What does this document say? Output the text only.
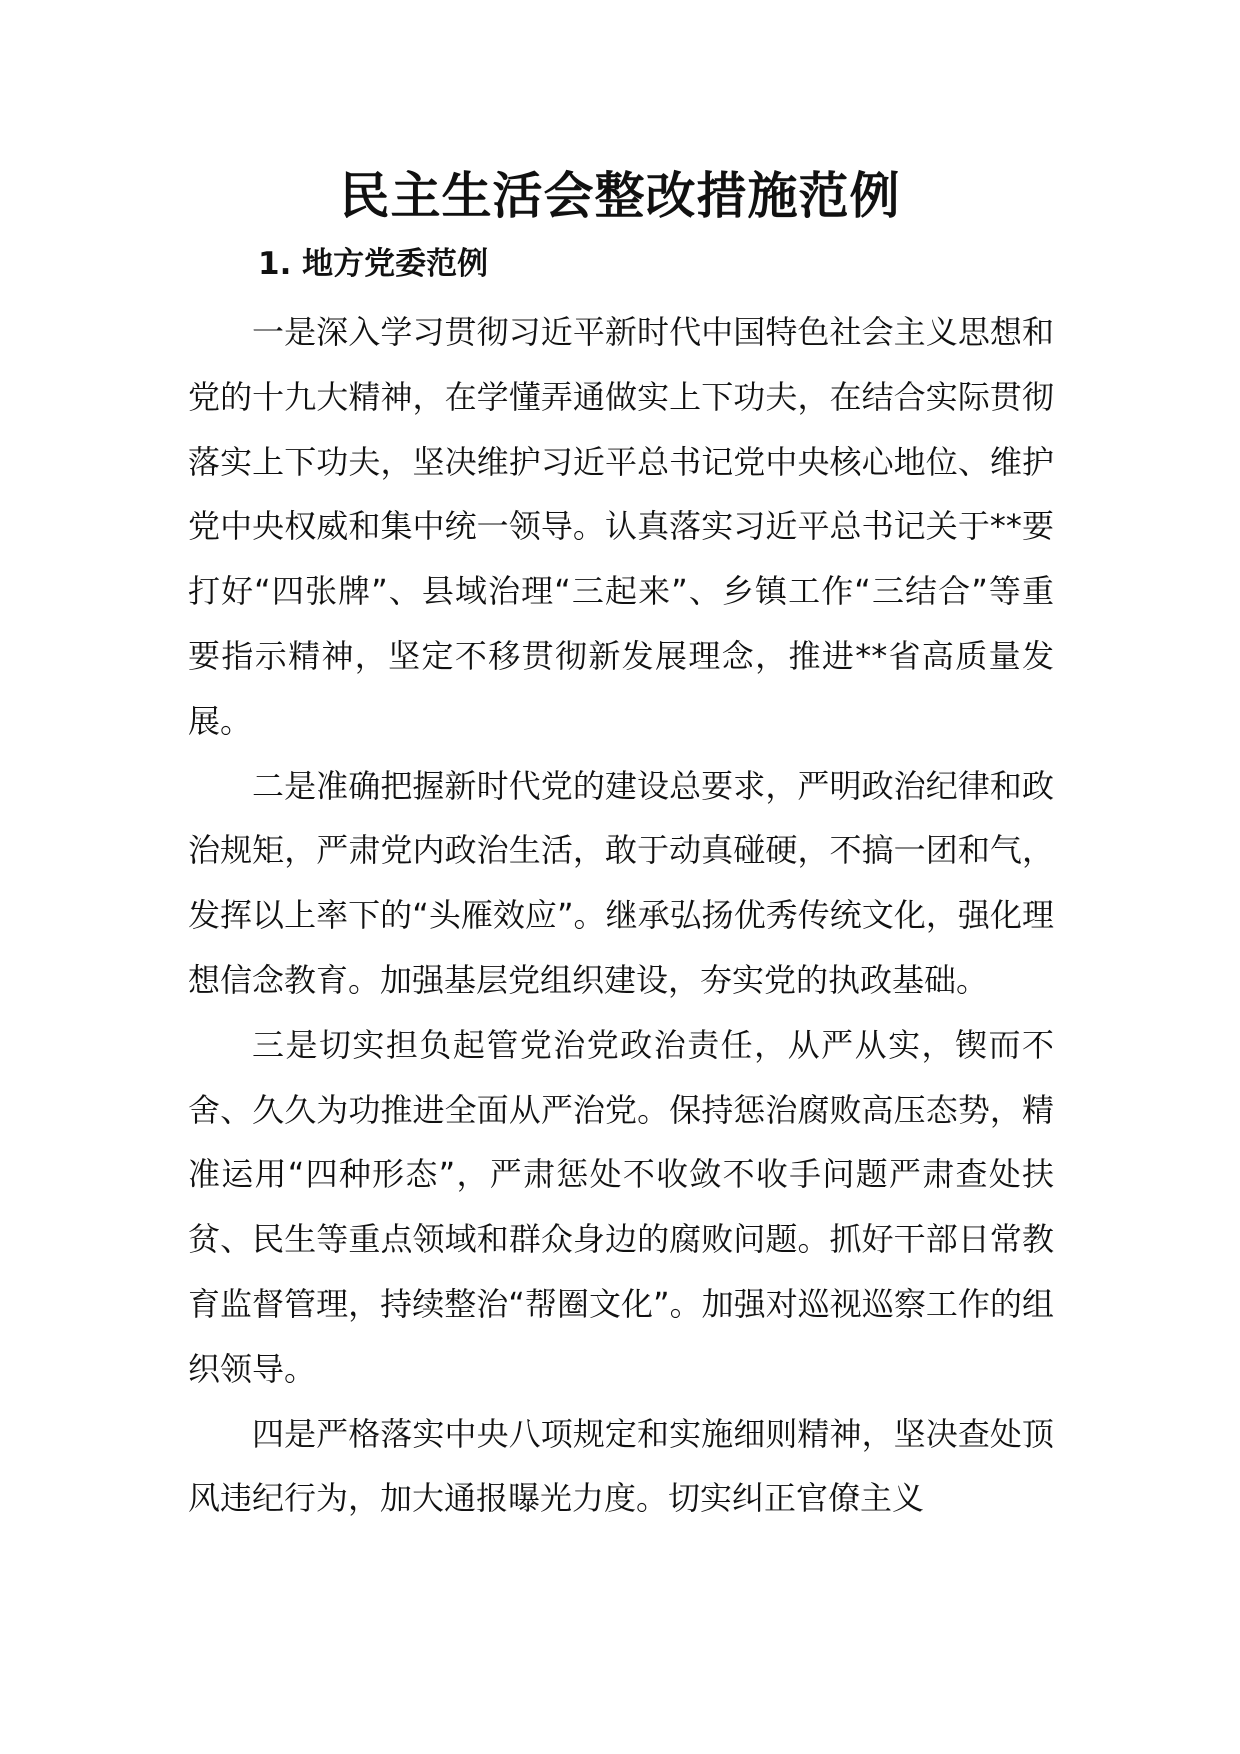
民主生活会整改措施范例
1. 地方党委范例

一是深入学习贯彻习近平新时代中国特色社会主义思想和党的十九大精神，在学懂弄通做实上下功夫，在结合实际贯彻落实上下功夫，坚决维护习近平总书记党中央核心地位、维护党中央权威和集中统一领导。认真落实习近平总书记关于**要打好“四张牌”、县域治理“三起来”、乡镇工作“三结合”等重要指示精神，坚定不移贯彻新发展理念，推进**省高质量发展。

二是准确把握新时代党的建设总要求，严明政治纪律和政治规矩，严肃党内政治生活，敢于动真碰硬，不搞一团和气，发挥以上率下的“头雁效应”。继承弘扬优秀传统文化，强化理想信念教育。加强基层党组织建设，夯实党的执政基础。

三是切实担负起管党治党政治责任，从严从实，锲而不舍、久久为功推进全面从严治党。保持惩治腐败高压态势，精准运用“四种形态”，严肃惩处不收敛不收手问题严肃查处扶贫、民生等重点领域和群众身边的腐败问题。抓好干部日常教育监督管理，持续整治“帮圈文化”。加强对巡视巡察工作的组织领导。

四是严格落实中央八项规定和实施细则精神，坚决查处顶风违纪行为，加大通报曝光力度。切实纠正官僚主义
